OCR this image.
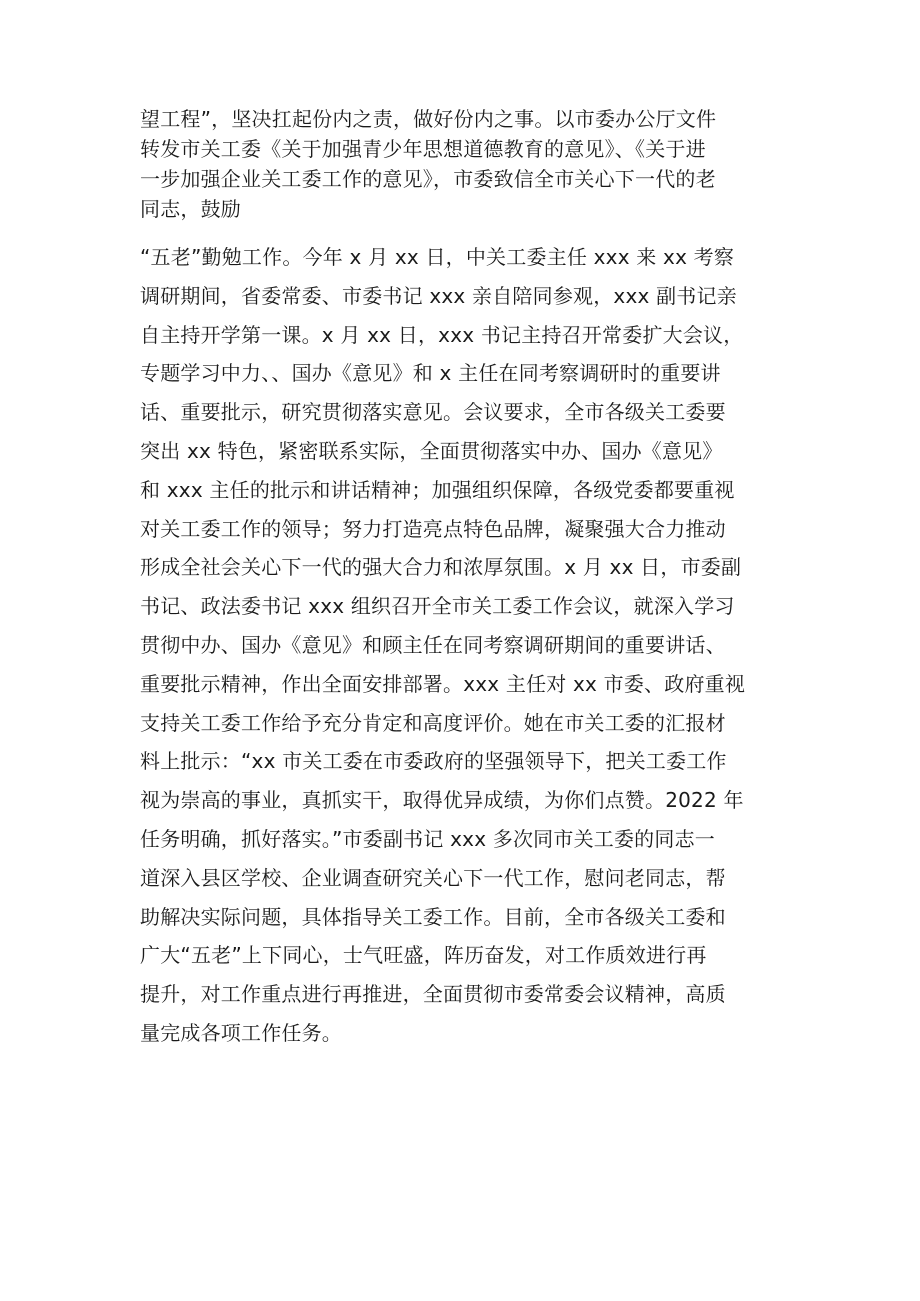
望工程”，坚决扛起份内之责，做好份内之事。以市委办公厅文件
转发市关工委《关于加强青少年思想道德教育的意见》、《关于进
一步加强企业关工委工作的意见》，市委致信全市关心下一代的老
同志，鼓励
“五老”勤勉工作。今年 x 月 xx 日，中关工委主任 xxx 来 xx 考察
调研期间，省委常委、市委书记 xxx 亲自陪同参观，xxx 副书记亲
自主持开学第一课。x 月 xx 日，xxx 书记主持召开常委扩大会议，
专题学习中力、、国办《意见》和 x 主任在同考察调研时的重要讲
话、重要批示，研究贯彻落实意见。会议要求，全市各级关工委要
突出 xx 特色，紧密联系实际，全面贯彻落实中办、国办《意见》
和 xxx 主任的批示和讲话精神；加强组织保障，各级党委都要重视
对关工委工作的领导；努力打造亮点特色品牌，凝聚强大合力推动
形成全社会关心下一代的强大合力和浓厚氛围。x 月 xx 日，市委副
书记、政法委书记 xxx 组织召开全市关工委工作会议，就深入学习
贯彻中办、国办《意见》和顾主任在同考察调研期间的重要讲话、
重要批示精神，作出全面安排部署。xxx 主任对 xx 市委、政府重视
支持关工委工作给予充分肯定和高度评价。她在市关工委的汇报材
料上批示：“xx 市关工委在市委政府的坚强领导下，把关工委工作
视为崇高的事业，真抓实干，取得优异成绩，为你们点赞。2022 年
任务明确，抓好落实。”市委副书记 xxx 多次同市关工委的同志一
道深入县区学校、企业调查研究关心下一代工作，慰问老同志，帮
助解决实际问题，具体指导关工委工作。目前，全市各级关工委和
广大“五老”上下同心，士气旺盛，阵历奋发，对工作质效进行再
提升，对工作重点进行再推进，全面贯彻市委常委会议精神，高质
量完成各项工作任务。
